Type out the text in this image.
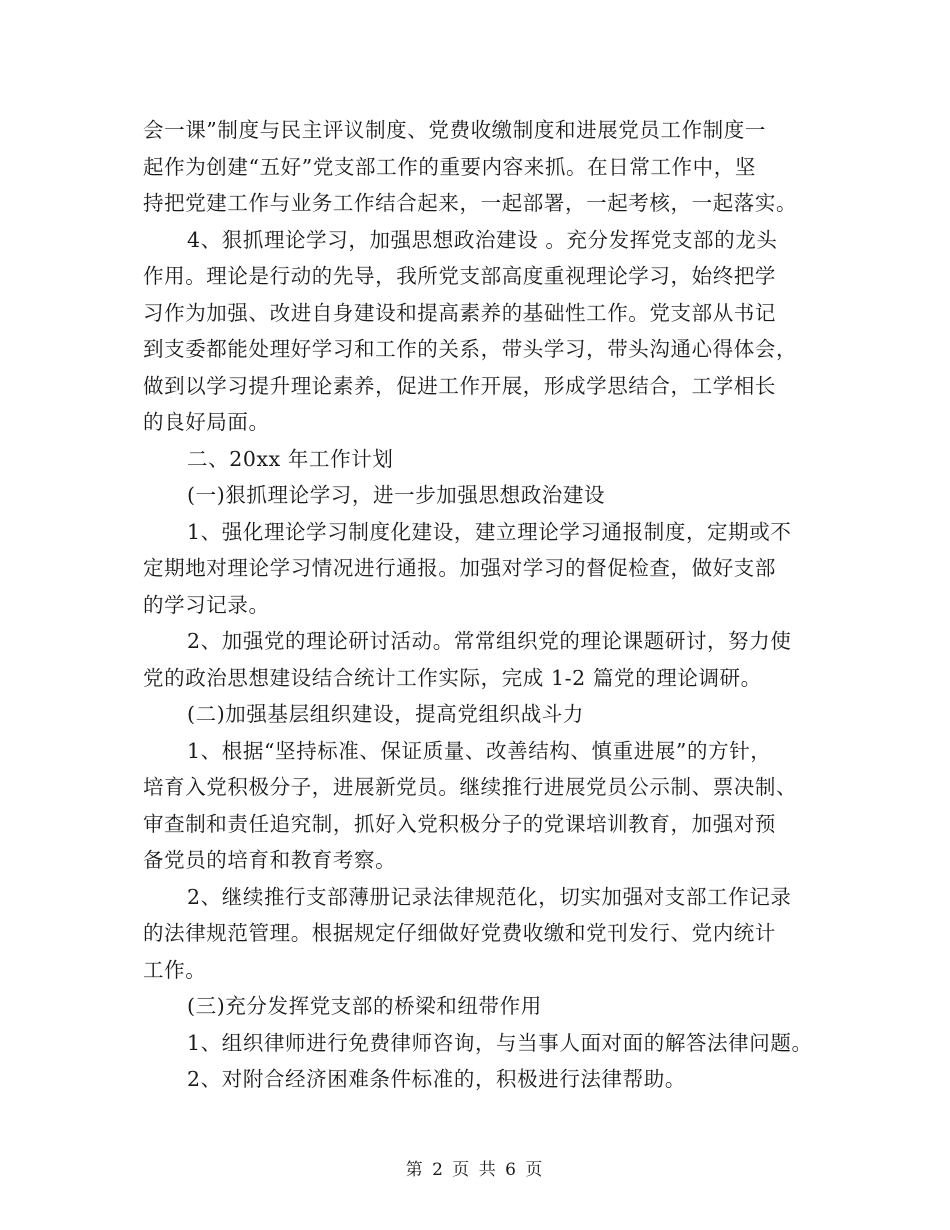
会一课”制度与民主评议制度、党费收缴制度和进展党员工作制度一
起作为创建“五好”党支部工作的重要内容来抓。在日常工作中，坚
持把党建工作与业务工作结合起来，一起部署，一起考核，一起落实。
4、狠抓理论学习，加强思想政治建设 。充分发挥党支部的龙头
作用。理论是行动的先导，我所党支部高度重视理论学习，始终把学
习作为加强、改进自身建设和提高素养的基础性工作。党支部从书记
到支委都能处理好学习和工作的关系，带头学习，带头沟通心得体会，
做到以学习提升理论素养，促进工作开展，形成学思结合，工学相长
的良好局面。
二、20xx 年工作计划
(一)狠抓理论学习，进一步加强思想政治建设
1、强化理论学习制度化建设，建立理论学习通报制度，定期或不
定期地对理论学习情况进行通报。加强对学习的督促检查，做好支部
的学习记录。
2、加强党的理论研讨活动。常常组织党的理论课题研讨，努力使
党的政治思想建设结合统计工作实际，完成 1-2 篇党的理论调研。
(二)加强基层组织建设，提高党组织战斗力
1、根据“坚持标准、保证质量、改善结构、慎重进展”的方针，
培育入党积极分子，进展新党员。继续推行进展党员公示制、票决制、
审查制和责任追究制，抓好入党积极分子的党课培训教育，加强对预
备党员的培育和教育考察。
2、继续推行支部薄册记录法律规范化，切实加强对支部工作记录
的法律规范管理。根据规定仔细做好党费收缴和党刊发行、党内统计
工作。
(三)充分发挥党支部的桥梁和纽带作用
1、组织律师进行免费律师咨询，与当事人面对面的解答法律问题。
2、对附合经济困难条件标准的，积极进行法律帮助。
第 2 页 共 6 页
